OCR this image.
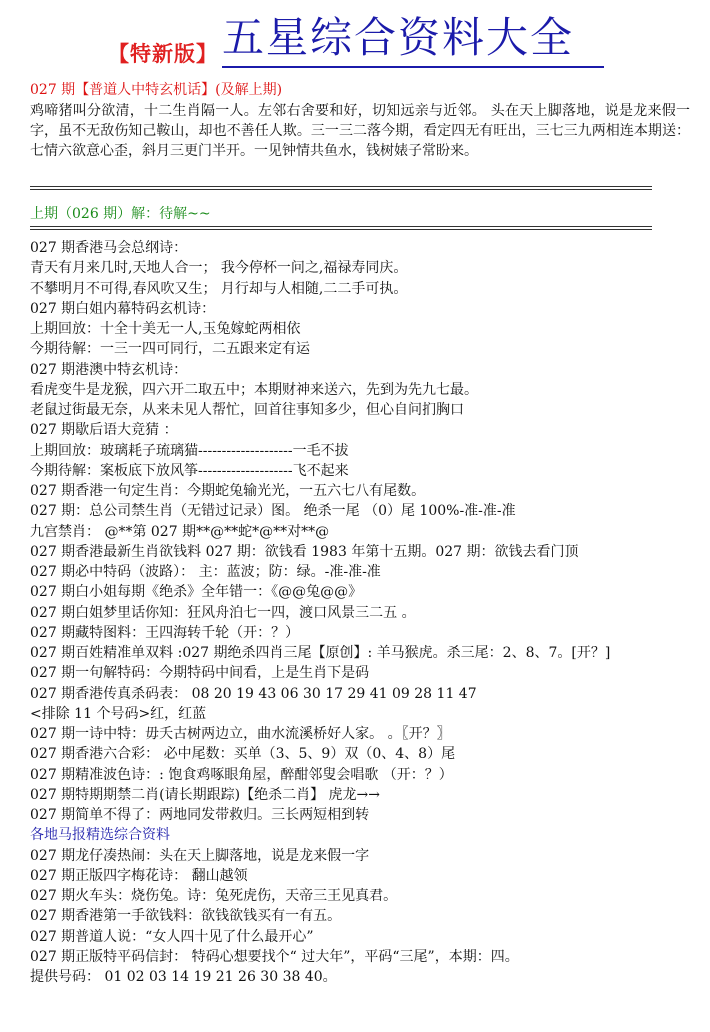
【特新版】 五星综合资料大全
027 期【普道人中特玄机话】(及解上期)

鸡啼猪叫分欲清，十二生肖隔一人。左邻右舍要和好，切知远亲与近邻。 头在天上脚落地，说是龙来假一字，虽不无敌伤知己鞍山，却也不善任人欺。三一三二落今期，看定四无有旺出，三七三九两相连本期送：七情六欲意心歪，斜月三更门半开。一见钟情共鱼水，钱树婊子常盼来。

上期（026 期）解：待解~~
027 期香港马会总纲诗：
青天有月来几时,天地人合一； 我今停杯一问之,福禄寿同庆。
不攀明月不可得,春风吹又生； 月行却与人相随,二二手可执。
027 期白姐内幕特码玄机诗：
上期回放：十全十美无一人,玉兔嫁蛇两相依
今期待解：一三一四可同行，二五跟来定有运
027 期港澳中特玄机诗：
看虎变牛是龙猴，四六开二取五中；本期财神来送六，先到为先九七最。
老鼠过街最无奈，从来未见人帮忙，回首往事知多少，但心自问扪胸口
027 期歇后语大竞猜 ：
上期回放：玻璃耗子琉璃猫--------------------一毛不拔
今期待解：案板底下放风筝--------------------飞不起来
027 期香港一句定生肖：今期蛇兔输光光，一五六七八有尾数。
027 期：总公司禁生肖（无错过记录）图。 绝杀一尾 （0）尾 100%-准-准-准
九宫禁肖： @**第 027 期**@**蛇*@**对**@
027 期香港最新生肖欲钱料 027 期：欲钱看 1983 年第十五期。027 期：欲钱去看门顶
027 期必中特码（波路）： 主：蓝波；防：绿。-准-准-准
027 期白小姐每期《绝杀》全年错一：《@@兔@@》
027 期白姐梦里话你知：狂风舟泊七一四，渡口风景三二五 。
027 期藏特图料：王四海转千轮（开：？）
027 期百姓精准单双料 :027 期绝杀四肖三尾【原创】: 羊马猴虎。杀三尾：2、8、7。[开？]
027 期一句解特码：今期特码中间看，上是生肖下是码
027 期香港传真杀码表： 08 20 19 43 06 30 17 29 41 09 28 11 47
<排除 11 个号码>红，红蓝
027 期一诗中特：毋夭古树两边立，曲水流溪桥好人家。 。〖开？〗
027 期香港六合彩： 必中尾数：买单（3、5、9）双（0、4、8）尾
027 期精准波色诗：: 饱食鸡啄眼角屋，醉酣邻叟会唱歌 （开：？）
027 期特期期禁二肖(请长期跟踪)【绝杀二肖】 虎龙→→
027 期简单不得了：两地同发带救归。三长两短相到转
各地马报精选综合资料
027 期龙仔凑热闹：头在天上脚落地，说是龙来假一字
027 期正版四字梅花诗： 翻山越领
027 期火车头：烧伤兔。诗：兔死虎伤，天帝三王见真君。
027 期香港第一手欲钱料：欲钱欲钱买有一有五。
027 期普道人说：“女人四十见了什么最开心”
027 期正版特平码信封： 特码心想要找个“ 过大年”，平码“三尾”，本期：四。
提供号码： 01 02 03 14 19 21 26 30 38 40。
